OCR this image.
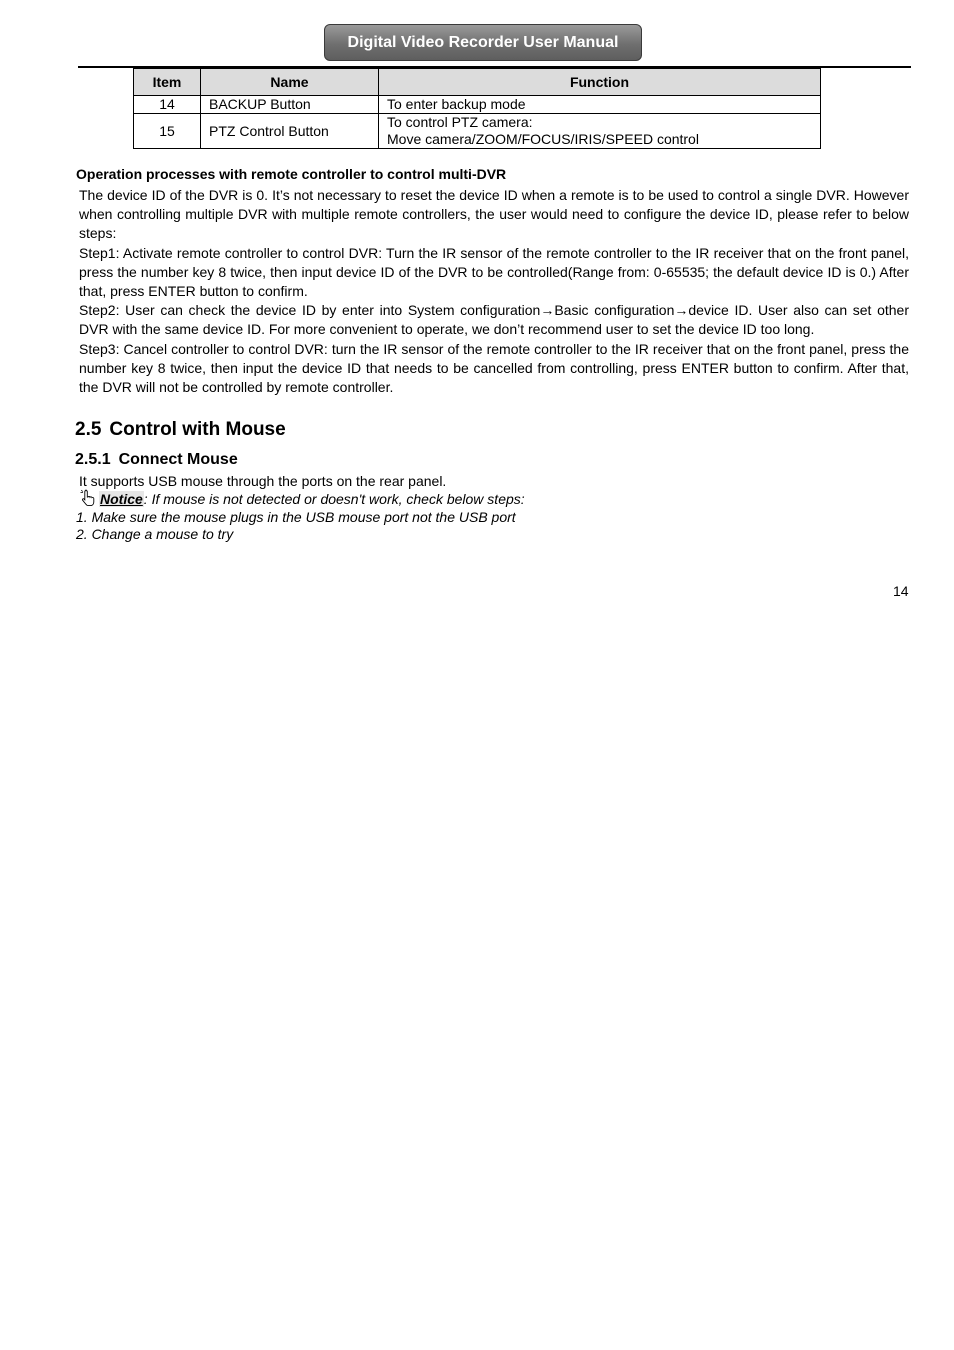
Digital Video Recorder User Manual
Item	Name	Function
14	BACKUP Button	To enter backup mode
15	PTZ Control Button	To control PTZ camera:
Move camera/ZOOM/FOCUS/IRIS/SPEED control
Operation processes with remote controller to control multi-DVR

The device ID of the DVR is 0. It’s not necessary to reset the device ID when a remote is to be used to control a single DVR. However when controlling multiple DVR with multiple remote controllers, the user would need to configure the device ID, please refer to below steps:

Step1: Activate remote controller to control DVR: Turn the IR sensor of the remote controller to the IR receiver that on the front panel, press the number key 8 twice, then input device ID of the DVR to be controlled(Range from: 0-65535; the default device ID is 0.) After that, press ENTER button to confirm.

Step2: User can check the device ID by enter into System configuration→Basic configuration→device ID. User also can set other DVR with the same device ID. For more convenient to operate, we don’t recommend user to set the device ID too long.

Step3: Cancel controller to control DVR: turn the IR sensor of the remote controller to the IR receiver that on the front panel, press the number key 8 twice, then input the device ID that needs to be cancelled from controlling, press ENTER button to confirm. After that, the DVR will not be controlled by remote controller.

2.5 Control with Mouse
2.5.1 Connect Mouse
It supports USB mouse through the ports on the rear panel.
Notice: If mouse is not detected or doesn't work, check below steps:
1. Make sure the mouse plugs in the USB mouse port not the USB port
2. Change a mouse to try
14
